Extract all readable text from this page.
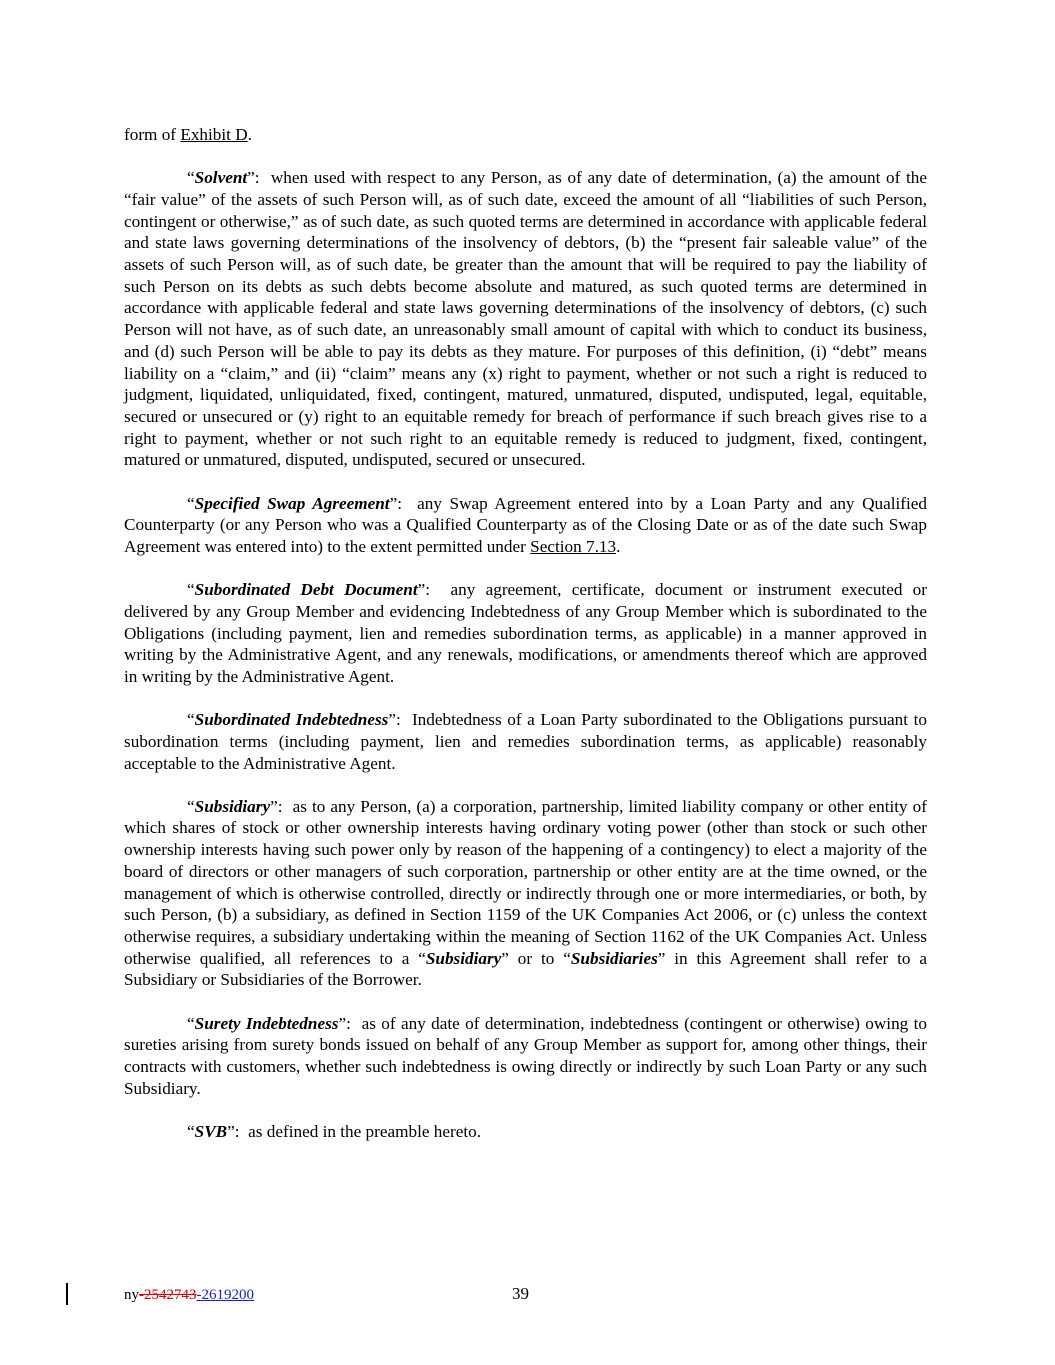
form of Exhibit D.

“Solvent”:  when used with respect to any Person, as of any date of determination, (a) the amount of the “fair value” of the assets of such Person will, as of such date, exceed the amount of all “liabilities of such Person, contingent or otherwise,” as of such date, as such quoted terms are determined in accordance with applicable federal and state laws governing determinations of the insolvency of debtors, (b) the “present fair saleable value” of the assets of such Person will, as of such date, be greater than the amount that will be required to pay the liability of such Person on its debts as such debts become absolute and matured, as such quoted terms are determined in accordance with applicable federal and state laws governing determinations of the insolvency of debtors, (c) such Person will not have, as of such date, an unreasonably small amount of capital with which to conduct its business, and (d) such Person will be able to pay its debts as they mature. For purposes of this definition, (i) “debt” means liability on a “claim,” and (ii) “claim” means any (x) right to payment, whether or not such a right is reduced to judgment, liquidated, unliquidated, fixed, contingent, matured, unmatured, disputed, undisputed, legal, equitable, secured or unsecured or (y) right to an equitable remedy for breach of performance if such breach gives rise to a right to payment, whether or not such right to an equitable remedy is reduced to judgment, fixed, contingent, matured or unmatured, disputed, undisputed, secured or unsecured.

“Specified Swap Agreement”:  any Swap Agreement entered into by a Loan Party and any Qualified Counterparty (or any Person who was a Qualified Counterparty as of the Closing Date or as of the date such Swap Agreement was entered into) to the extent permitted under Section 7.13.

“Subordinated Debt Document”:  any agreement, certificate, document or instrument executed or delivered by any Group Member and evidencing Indebtedness of any Group Member which is subordinated to the Obligations (including payment, lien and remedies subordination terms, as applicable) in a manner approved in writing by the Administrative Agent, and any renewals, modifications, or amendments thereof which are approved in writing by the Administrative Agent.

“Subordinated Indebtedness”:  Indebtedness of a Loan Party subordinated to the Obligations pursuant to subordination terms (including payment, lien and remedies subordination terms, as applicable) reasonably acceptable to the Administrative Agent.

“Subsidiary”:  as to any Person, (a) a corporation, partnership, limited liability company or other entity of which shares of stock or other ownership interests having ordinary voting power (other than stock or such other ownership interests having such power only by reason of the happening of a contingency) to elect a majority of the board of directors or other managers of such corporation, partnership or other entity are at the time owned, or the management of which is otherwise controlled, directly or indirectly through one or more intermediaries, or both, by such Person, (b) a subsidiary, as defined in Section 1159 of the UK Companies Act 2006, or (c) unless the context otherwise requires, a subsidiary undertaking within the meaning of Section 1162 of the UK Companies Act. Unless otherwise qualified, all references to a “Subsidiary” or to “Subsidiaries” in this Agreement shall refer to a Subsidiary or Subsidiaries of the Borrower.

“Surety Indebtedness”:  as of any date of determination, indebtedness (contingent or otherwise) owing to sureties arising from surety bonds issued on behalf of any Group Member as support for, among other things, their contracts with customers, whether such indebtedness is owing directly or indirectly by such Loan Party or any such Subsidiary.

“SVB”:  as defined in the preamble hereto.

ny-2542743-2619200	39
